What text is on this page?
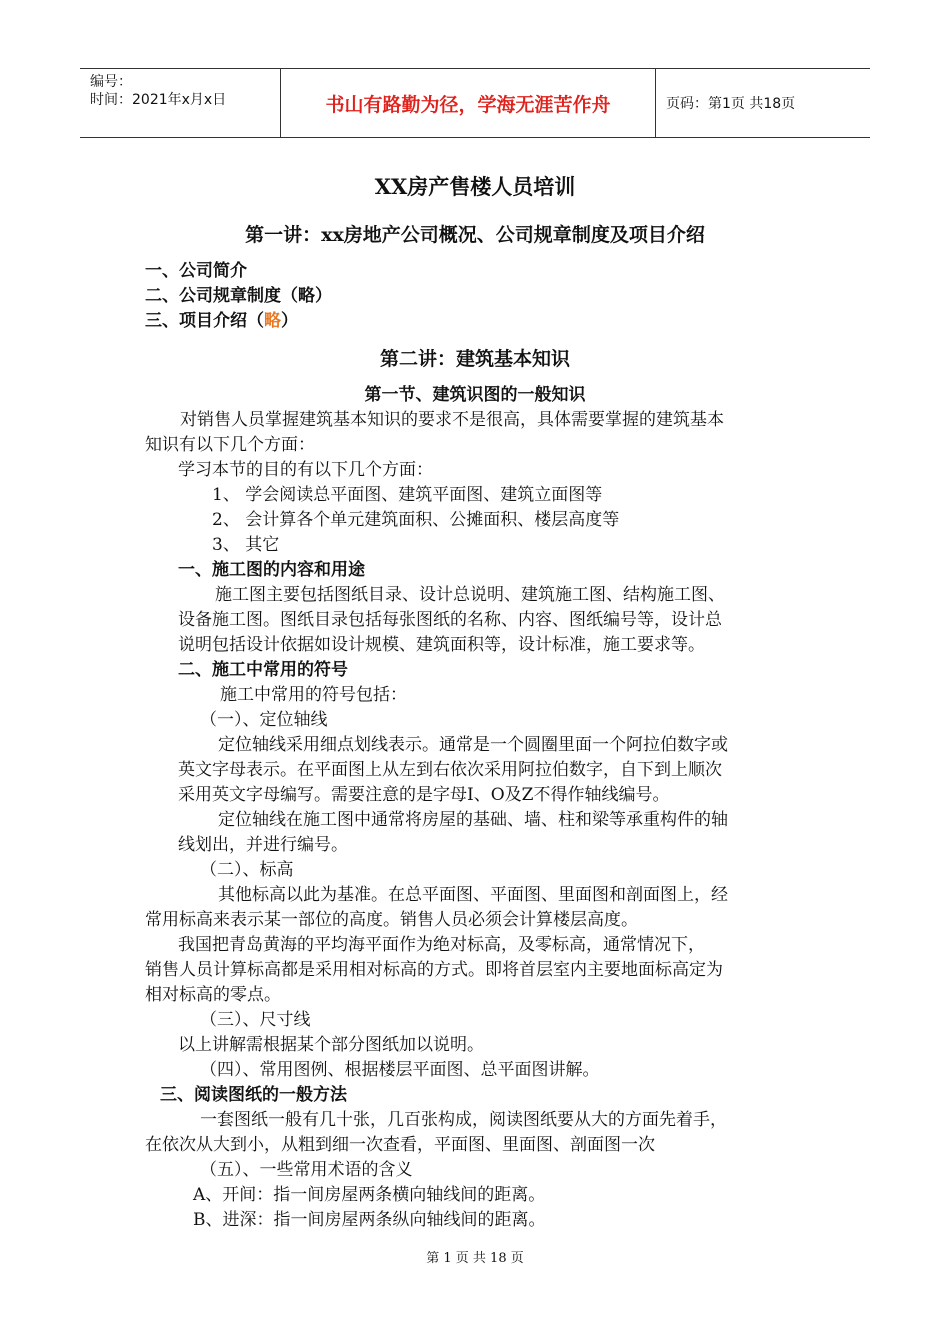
编号：
时间：2021年x月x日	书山有路勤为径，学海无涯苦作舟	页码：第1页 共18页
XX房产售楼人员培训
第一讲：xx房地产公司概况、公司规章制度及项目介绍
一、公司简介
二、公司规章制度（略）
三、项目介绍（略）
第二讲：建筑基本知识
第一节、建筑识图的一般知识
对销售人员掌握建筑基本知识的要求不是很高，具体需要掌握的建筑基本
知识有以下几个方面：
学习本节的目的有以下几个方面：
1、 学会阅读总平面图、建筑平面图、建筑立面图等
2、 会计算各个单元建筑面积、公摊面积、楼层高度等
3、 其它
一、施工图的内容和用途
施工图主要包括图纸目录、设计总说明、建筑施工图、结构施工图、
设备施工图。图纸目录包括每张图纸的名称、内容、图纸编号等，设计总
说明包括设计依据如设计规模、建筑面积等，设计标准，施工要求等。
二、施工中常用的符号
施工中常用的符号包括：
（一）、定位轴线
定位轴线采用细点划线表示。通常是一个圆圈里面一个阿拉伯数字或
英文字母表示。在平面图上从左到右依次采用阿拉伯数字，自下到上顺次
采用英文字母编写。需要注意的是字母I、O及Z不得作轴线编号。
定位轴线在施工图中通常将房屋的基础、墙、柱和梁等承重构件的轴
线划出，并进行编号。
（二）、标高
其他标高以此为基准。在总平面图、平面图、里面图和剖面图上，经
常用标高来表示某一部位的高度。销售人员必须会计算楼层高度。
我国把青岛黄海的平均海平面作为绝对标高，及零标高，通常情况下，
销售人员计算标高都是采用相对标高的方式。即将首层室内主要地面标高定为
相对标高的零点。
（三）、尺寸线
以上讲解需根据某个部分图纸加以说明。
（四）、常用图例、根据楼层平面图、总平面图讲解。
三、阅读图纸的一般方法
一套图纸一般有几十张，几百张构成，阅读图纸要从大的方面先着手，
在依次从大到小，从粗到细一次查看，平面图、里面图、剖面图一次
（五）、一些常用术语的含义
A、开间：指一间房屋两条横向轴线间的距离。
B、进深：指一间房屋两条纵向轴线间的距离。
第 1 页 共 18 页
